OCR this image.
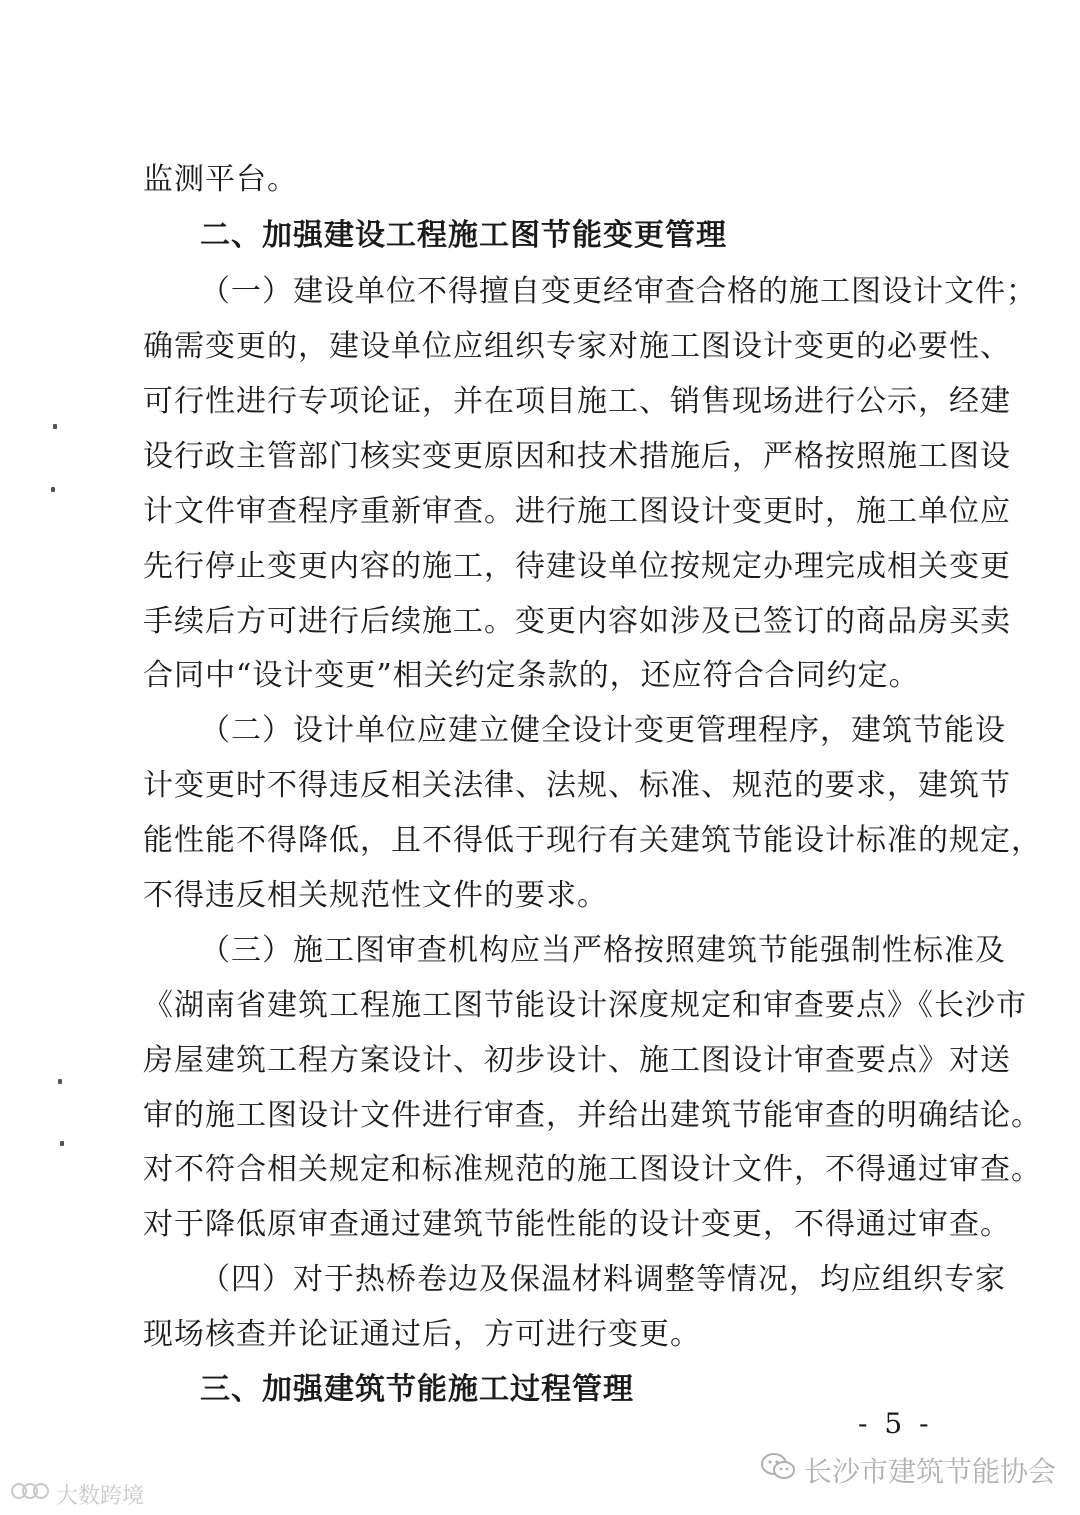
监测平台。
二、加强建设工程施工图节能变更管理
（一）建设单位不得擅自变更经审查合格的施工图设计文件；
确需变更的，建设单位应组织专家对施工图设计变更的必要性、
可行性进行专项论证，并在项目施工、销售现场进行公示，经建
设行政主管部门核实变更原因和技术措施后，严格按照施工图设
计文件审查程序重新审查。进行施工图设计变更时，施工单位应
先行停止变更内容的施工，待建设单位按规定办理完成相关变更
手续后方可进行后续施工。变更内容如涉及已签订的商品房买卖
合同中“设计变更”相关约定条款的，还应符合合同约定。
（二）设计单位应建立健全设计变更管理程序，建筑节能设
计变更时不得违反相关法律、法规、标准、规范的要求，建筑节
能性能不得降低，且不得低于现行有关建筑节能设计标准的规定，
不得违反相关规范性文件的要求。
（三）施工图审查机构应当严格按照建筑节能强制性标准及
《湖南省建筑工程施工图节能设计深度规定和审查要点》《长沙市
房屋建筑工程方案设计、初步设计、施工图设计审查要点》对送
审的施工图设计文件进行审查，并给出建筑节能审查的明确结论。
对不符合相关规定和标准规范的施工图设计文件，不得通过审查。
对于降低原审查通过建筑节能性能的设计变更，不得通过审查。
（四）对于热桥卷边及保温材料调整等情况，均应组织专家
现场核查并论证通过后，方可进行变更。
三、加强建筑节能施工过程管理
- 5 -
长沙市建筑节能协会
大数跨境
